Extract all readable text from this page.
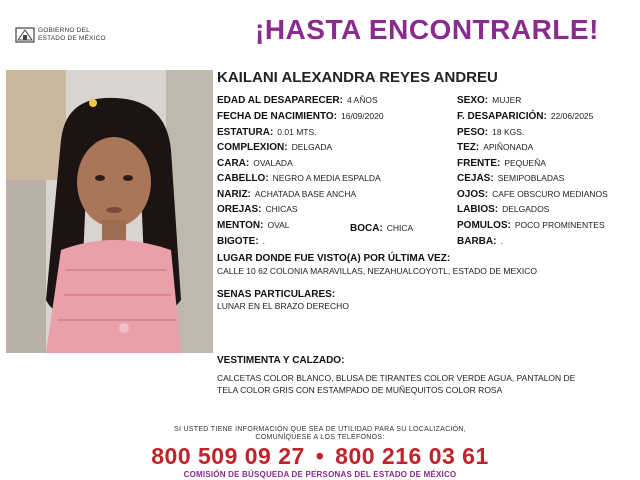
GOBIERNO DEL
ESTADO DE MÉXICO	¡HASTA ENCONTRARLE!
KAILANI ALEXANDRA REYES ANDREU
EDAD AL DESAPARECER: 4 AÑOS
FECHA DE NACIMIENTO: 16/09/2020
ESTATURA: 0.01 MTS.
COMPLEXION: DELGADA
CARA: OVALADA
CABELLO: NEGRO A MEDIA ESPALDA
NARIZ: ACHATADA BASE ANCHA
OREJAS: CHICAS
MENTON: OVAL	BOCA: CHICA
BIGOTE: .
SEXO: MUJER
F. DESAPARICIÓN: 22/06/2025
PESO: 18 KGS.
TEZ: APIÑONADA
FRENTE: PEQUEÑA
CEJAS: SEMIPOBLADAS
OJOS: CAFE OBSCURO MEDIANOS
LABIOS: DELGADOS
POMULOS: POCO PROMINENTES
BARBA: .
LUGAR DONDE FUE VISTO(A) POR ÚLTIMA VEZ:
CALLE 10 62 COLONIA MARAVILLAS, NEZAHUALCOYOTL, ESTADO DE MEXICO
SENAS PARTICULARES:
LUNAR EN EL BRAZO DERECHO
VESTIMENTA Y CALZADO:
CALCETAS COLOR BLANCO, BLUSA DE TIRANTES COLOR VERDE AGUA, PANTALON DE
TELA COLOR GRIS CON ESTAMPADO DE MUÑEQUITOS COLOR ROSA
SI USTED TIENE INFORMACIÓN QUE SEA DE UTILIDAD PARA SU LOCALIZACIÓN,
COMUNÍQUESE A LOS TELÉFONOS:
800 509 09 27 • 800 216 03 61
COMISIÓN DE BÚSQUEDA DE PERSONAS DEL ESTADO DE MÉXICO
